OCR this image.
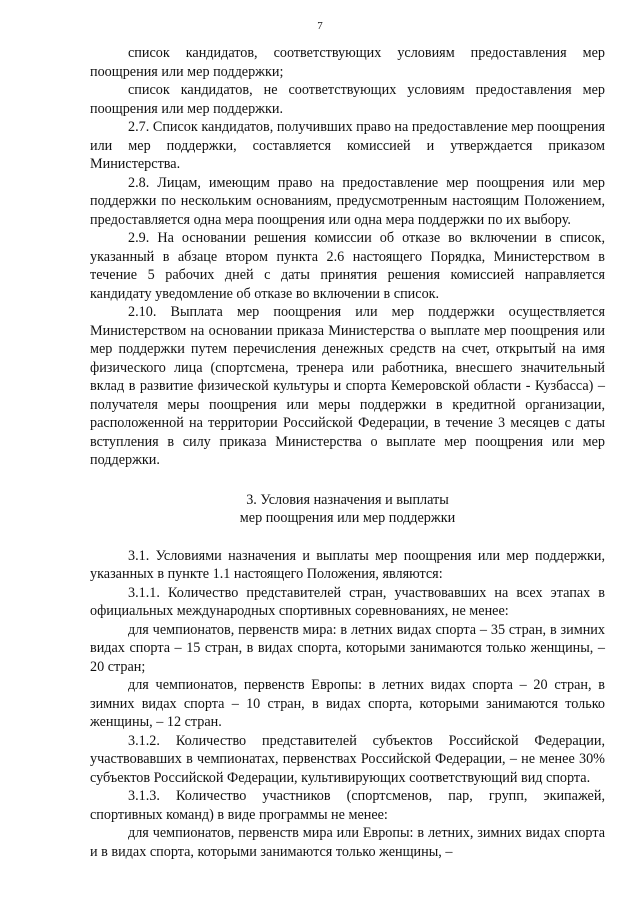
7

список кандидатов, соответствующих условиям предоставления мер поощрения или мер поддержки;

список кандидатов, не соответствующих условиям предоставления мер поощрения или мер поддержки.

2.7. Список кандидатов, получивших право на предоставление мер поощрения или мер поддержки, составляется комиссией и утверждается приказом Министерства.

2.8. Лицам, имеющим право на предоставление мер поощрения или мер поддержки по нескольким основаниям, предусмотренным настоящим Положением, предоставляется одна мера поощрения или одна мера поддержки по их выбору.

2.9. На основании решения комиссии об отказе во включении в список, указанный в абзаце втором пункта 2.6 настоящего Порядка, Министерством в течение 5 рабочих дней с даты принятия решения комиссией направляется кандидату уведомление об отказе во включении в список.

2.10. Выплата мер поощрения или мер поддержки осуществляется Министерством на основании приказа Министерства о выплате мер поощрения или мер поддержки путем перечисления денежных средств на счет, открытый на имя физического лица (спортсмена, тренера или работника, внесшего значительный вклад в развитие физической культуры и спорта Кемеровской области - Кузбасса) – получателя меры поощрения или меры поддержки в кредитной организации, расположенной на территории Российской Федерации, в течение 3 месяцев с даты вступления в силу приказа Министерства о выплате мер поощрения или мер поддержки.

3. Условия назначения и выплаты
мер поощрения или мер поддержки

3.1. Условиями назначения и выплаты мер поощрения или мер поддержки, указанных в пункте 1.1 настоящего Положения, являются:

3.1.1. Количество представителей стран, участвовавших на всех этапах в официальных международных спортивных соревнованиях, не менее:

для чемпионатов, первенств мира: в летних видах спорта – 35 стран, в зимних видах спорта – 15 стран, в видах спорта, которыми занимаются только женщины, – 20 стран;

для чемпионатов, первенств Европы: в летних видах спорта – 20 стран, в зимних видах спорта – 10 стран, в видах спорта, которыми занимаются только женщины, – 12 стран.

3.1.2. Количество представителей субъектов Российской Федерации, участвовавших в чемпионатах, первенствах Российской Федерации, – не менее 30% субъектов Российской Федерации, культивирующих соответствующий вид спорта.

3.1.3. Количество участников (спортсменов, пар, групп, экипажей, спортивных команд) в виде программы не менее:

для чемпионатов, первенств мира или Европы: в летних, зимних видах спорта и в видах спорта, которыми занимаются только женщины, –
